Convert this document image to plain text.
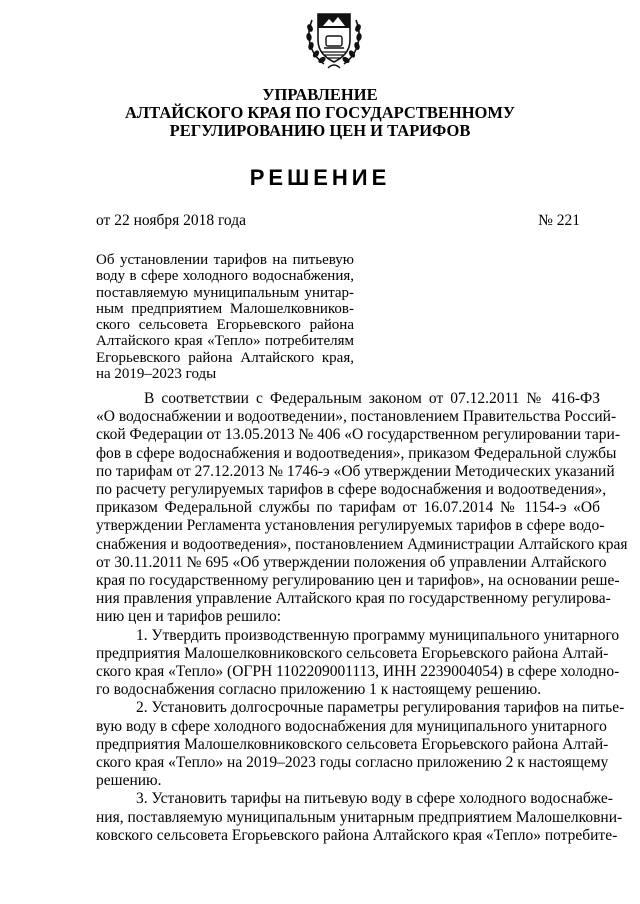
УПРАВЛЕНИЕ
АЛТАЙСКОГО КРАЯ ПО ГОСУДАРСТВЕННОМУ
РЕГУЛИРОВАНИЮ ЦЕН И ТАРИФОВ
РЕШЕНИЕ
от 22 ноября 2018 года	№ 221
Об установлении тарифов на питьевую
воду в сфере холодного водоснабжения,
поставляемую муниципальным унитар-
ным предприятием Малошелковников-
ского сельсовета Егорьевского района
Алтайского края «Тепло» потребителям
Егорьевского района Алтайского края,
на 2019–2023 годы
В соответствии с Федеральным законом от 07.12.2011 № 416-ФЗ
«О водоснабжении и водоотведении», постановлением Правительства Россий-
ской Федерации от 13.05.2013 № 406 «О государственном регулировании тари-
фов в сфере водоснабжения и водоотведения», приказом Федеральной службы
по тарифам от 27.12.2013 № 1746-э «Об утверждении Методических указаний
по расчету регулируемых тарифов в сфере водоснабжения и водоотведения»,
приказом Федеральной службы по тарифам от 16.07.2014 № 1154-э «Об
утверждении Регламента установления регулируемых тарифов в сфере водо-
снабжения и водоотведения», постановлением Администрации Алтайского края
от 30.11.2011 № 695 «Об утверждении положения об управлении Алтайского
края по государственному регулированию цен и тарифов», на основании реше-
ния правления управление Алтайского края по государственному регулирова-
нию цен и тарифов решило:
1. Утвердить производственную программу муниципального унитарного
предприятия Малошелковниковского сельсовета Егорьевского района Алтай-
ского края «Тепло» (ОГРН 1102209001113, ИНН 2239004054) в сфере холодно-
го водоснабжения согласно приложению 1 к настоящему решению.
2. Установить долгосрочные параметры регулирования тарифов на питье-
вую воду в сфере холодного водоснабжения для муниципального унитарного
предприятия Малошелковниковского сельсовета Егорьевского района Алтай-
ского края «Тепло» на 2019–2023 годы согласно приложению 2 к настоящему
решению.
3. Установить тарифы на питьевую воду в сфере холодного водоснабже-
ния, поставляемую муниципальным унитарным предприятием Малошелковни-
ковского сельсовета Егорьевского района Алтайского края «Тепло» потребите-
